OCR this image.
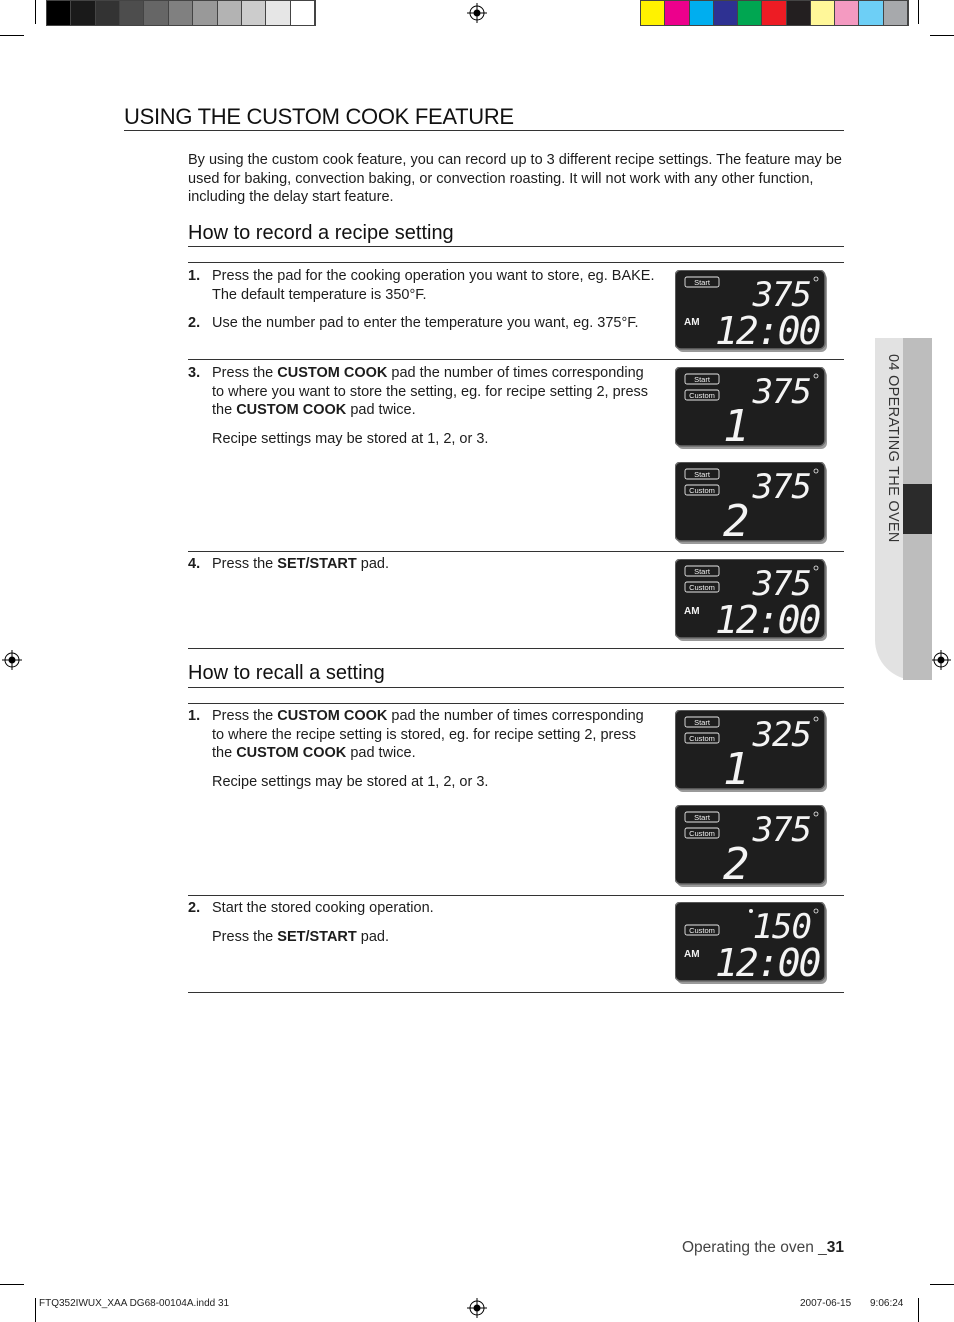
04 OPERATING THE OVEN
USING THE CUSTOM COOK FEATURE
By using the custom cook feature, you can record up to 3 different recipe settings. The feature may be used for baking, convection baking, or convection roasting. It will not work with any other function, including the delay start feature.
How to record a recipe setting
1. Press the pad for the cooking operation you want to store, eg. BAKE. The default temperature is 350°F.

2. Use the number pad to enter the temperature you want, eg. 375°F.

3. Press the CUSTOM COOK pad the number of times corresponding to where you want to store the setting, eg. for recipe setting 2, press the CUSTOM COOK pad twice.

Recipe settings may be stored at 1, 2, or 3.

4. Press the SET/START pad.

How to recall a setting
1. Press the CUSTOM COOK pad the number of times corresponding to where the recipe setting is stored, eg. for recipe setting 2, press the CUSTOM COOK pad twice.

Recipe settings may be stored at 1, 2, or 3.

2. Start the stored cooking operation.

Press the SET/START pad.

Start 375
AM 12:00
Start
Custom 375
1
Start
Custom 375
2
Start
Custom 375
AM 12:00
Start
Custom 325
1
Start
Custom 375
2
Custom 150
AM 12:00
Operating the oven _31
FTQ352IWUX_XAA DG68-00104A.indd 31	2007-06-15 9:06:24
